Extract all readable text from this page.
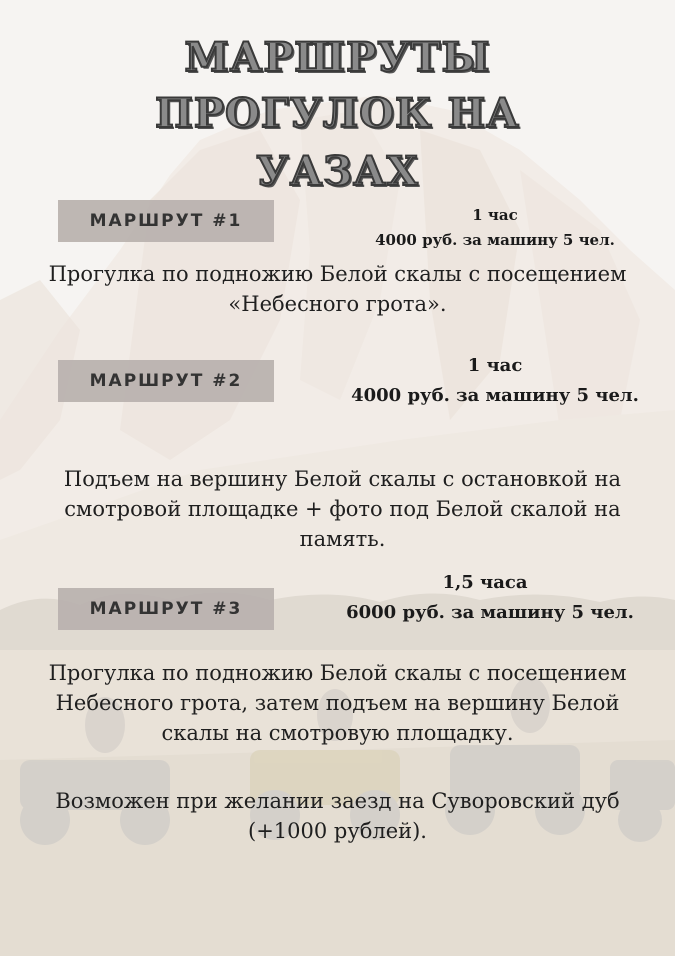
МАРШРУТЫ
ПРОГУЛОК НА
УАЗАХ
МАРШРУТ #1	1 час
4000 руб. за машину 5 чел.
Прогулка по подножию Белой скалы с посещением «Небесного грота».
МАРШРУТ #2
1 час
4000 руб. за машину 5 чел.
Подъем на вершину Белой скалы с остановкой на смотровой площадке + фото под Белой скалой на память.
МАРШРУТ #3
1,5 часа
6000 руб. за машину 5 чел.
Прогулка по подножию Белой скалы с посещением Небесного грота, затем подъем на вершину Белой скалы на смотровую площадку.
Возможен при желании заезд на Суворовский дуб (+1000 рублей).
